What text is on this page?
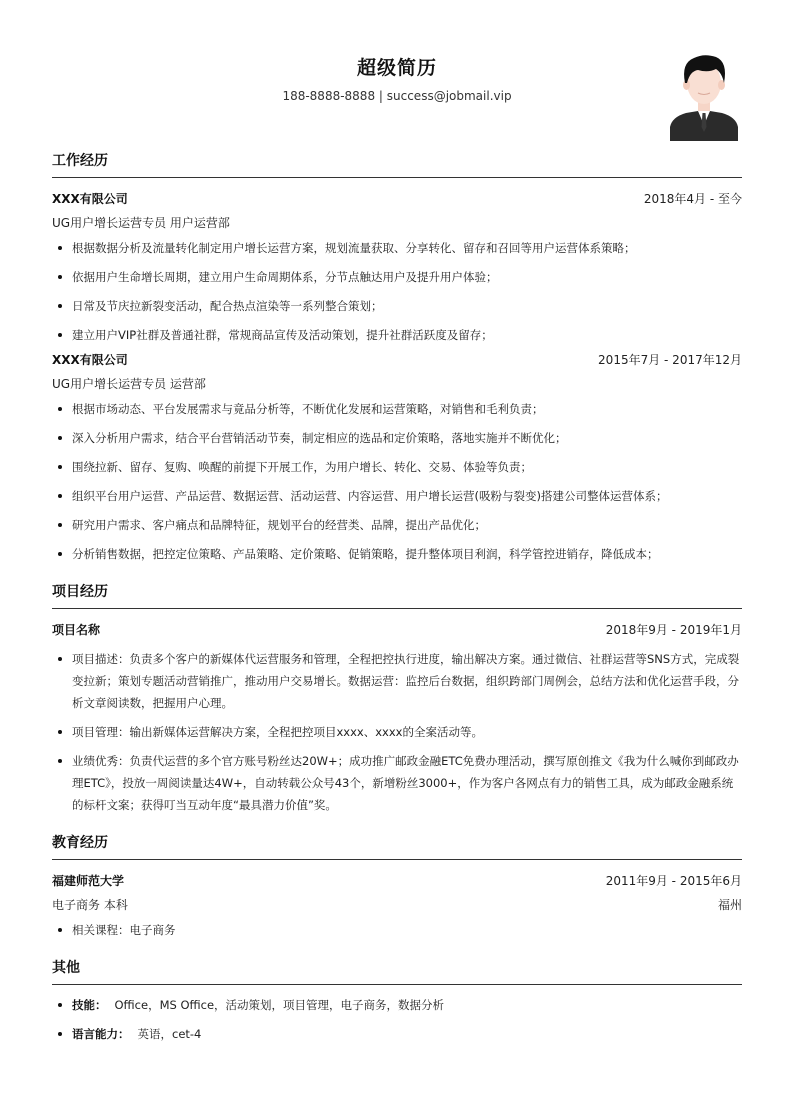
超级简历
188-8888-8888 | success@jobmail.vip
工作经历
XXX有限公司	2018年4月 - 至今
UG用户增长运营专员 用户运营部
根据数据分析及流量转化制定用户增长运营方案，规划流量获取、分享转化、留存和召回等用户运营体系策略；
依据用户生命增长周期，建立用户生命周期体系，分节点触达用户及提升用户体验；
日常及节庆拉新裂变活动，配合热点渲染等一系列整合策划；
建立用户VIP社群及普通社群，常规商品宣传及活动策划，提升社群活跃度及留存；
XXX有限公司	2015年7月 - 2017年12月
UG用户增长运营专员 运营部
根据市场动态、平台发展需求与竟品分析等，不断优化发展和运营策略，对销售和毛利负责；
深入分析用户需求，结合平台营销活动节奏，制定相应的选品和定价策略，落地实施并不断优化；
围绕拉新、留存、复购、唤醒的前提下开展工作，为用户增长、转化、交易、体验等负责；
组织平台用户运营、产品运营、数据运营、活动运营、内容运营、用户增长运营(吸粉与裂变)搭建公司整体运营体系；
研究用户需求、客户痛点和品牌特征，规划平台的经营类、品牌，提出产品优化；
分析销售数据，把控定位策略、产品策略、定价策略、促销策略，提升整体项目利润，科学管控进销存，降低成本；
项目经历
项目名称	2018年9月 - 2019年1月
项目描述：负责多个客户的新媒体代运营服务和管理，全程把控执行进度，输出解决方案。通过微信、社群运营等SNS方式，完成裂变拉新；策划专题活动营销推广，推动用户交易增长。数据运营：监控后台数据，组织跨部门周例会，总结方法和优化运营手段，分析文章阅读数，把握用户心理。
项目管理：输出新媒体运营解决方案，全程把控项目xxxx、xxxx的全案活动等。
业绩优秀：负责代运营的多个官方账号粉丝达20W+；成功推广邮政金融ETC免费办理活动，撰写原创推文《我为什么喊你到邮政办理ETC》，投放一周阅读量达4W+，自动转载公众号43个，新增粉丝3000+，作为客户各网点有力的销售工具，成为邮政金融系统的标杆文案；获得叮当互动年度“最具潜力价值”奖。
教育经历
福建师范大学	2011年9月 - 2015年6月
电子商务 本科	福州
相关课程：电子商务
其他
技能： Office，MS Office，活动策划，项目管理，电子商务，数据分析
语言能力： 英语，cet-4
